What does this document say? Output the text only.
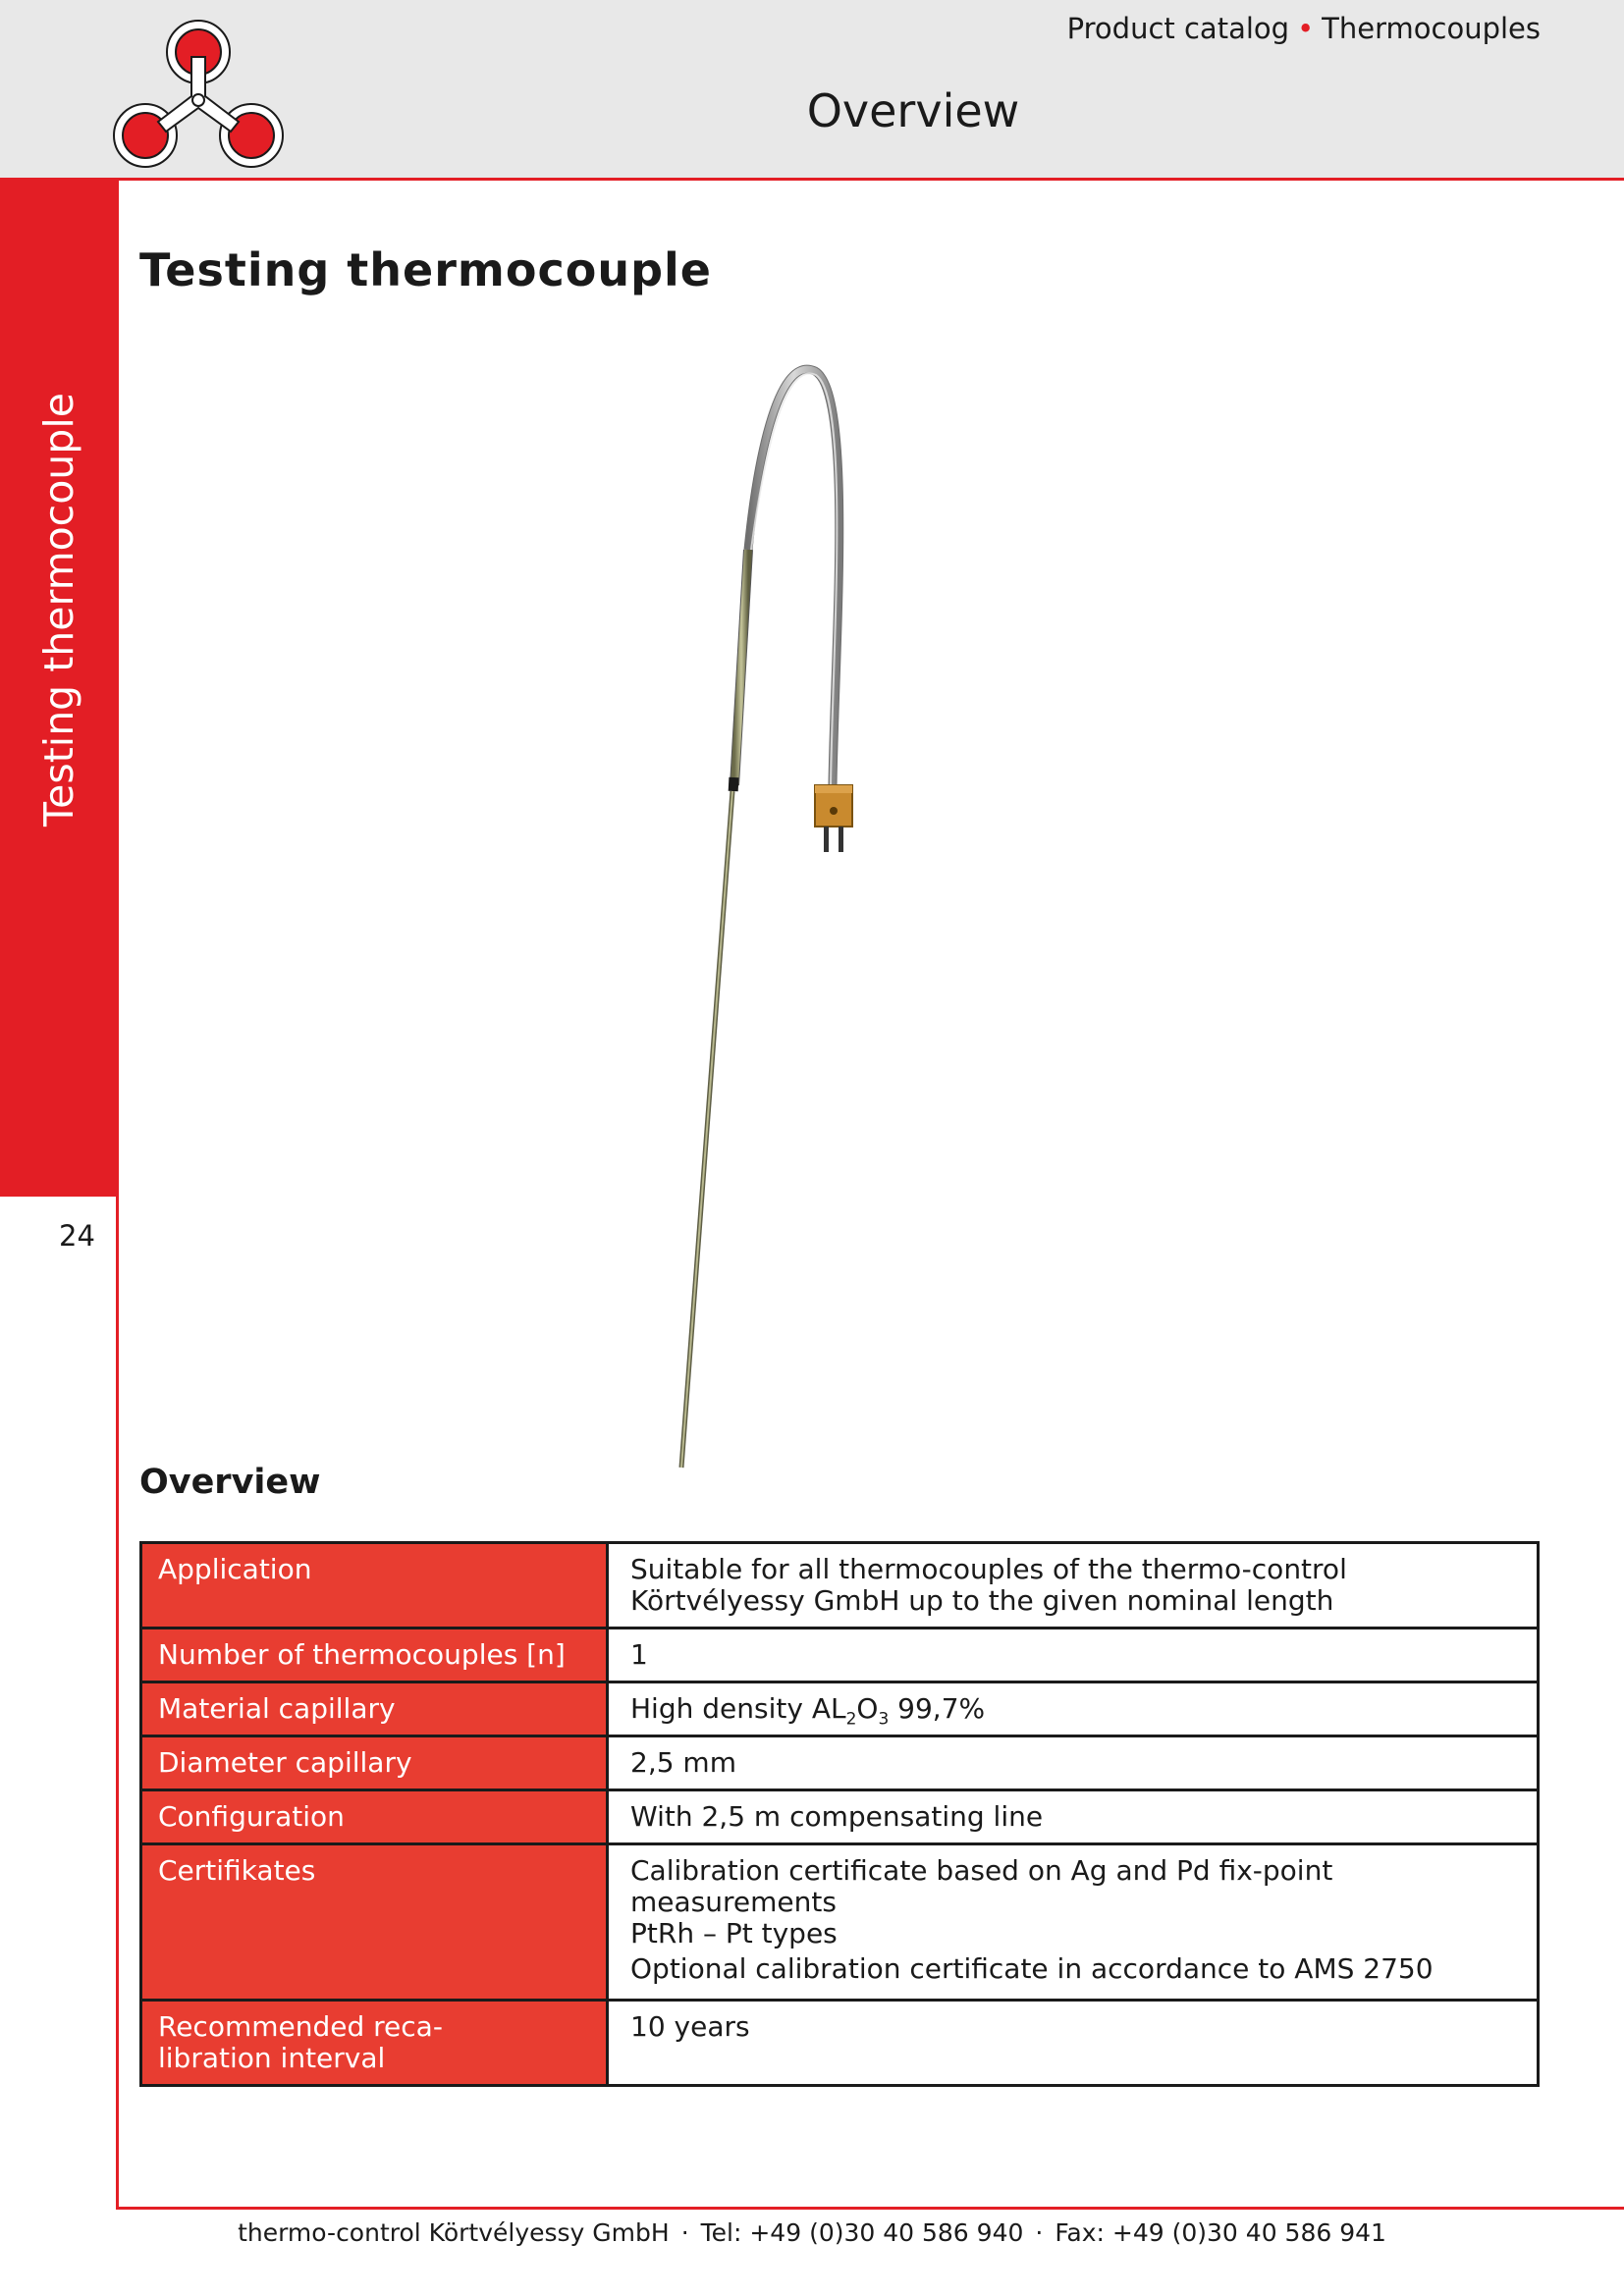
Product catalog • Thermocouples
Overview
Testing thermocouple
24
Testing thermocouple
Overview
Application	Suitable for all thermocouples of the thermo-control Körtvélyessy GmbH up to the given nominal length

Number of thermocouples [n]	1

Material capillary	High density $AL_2O_3$ 99,7%

Diameter capillary	2,5 mm

Configuration	With 2,5 m compensating line

Certifikates	Calibration certificate based on Ag and Pd fix-point measurements
PtRh – Pt types
Optional calibration certificate in accordance to AMS 2750

Recommended reca-
libration interval	10 years
thermo-control Körtvélyessy GmbH · Tel: +49 (0)30 40 586 940 · Fax: +49 (0)30 40 586 941
